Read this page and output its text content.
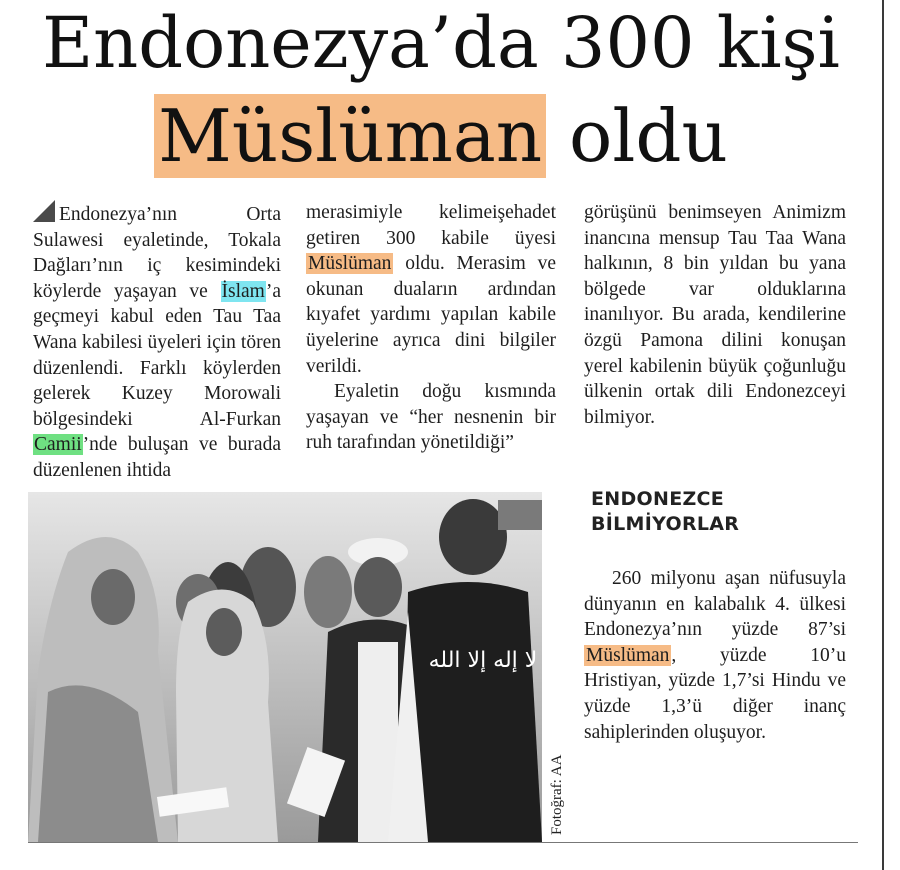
Endonezya’da 300 kişi
Müslüman oldu

Endonezya’nın Orta Sulawesi eyaletinde, Tokala Dağları’nın iç kesimindeki köylerde yaşayan ve İslam’a geçmeyi kabul eden Tau Taa Wana kabilesi üyeleri için tören düzenlendi. Farklı köylerden gelerek Kuzey Morowali bölgesindeki Al-Furkan Camii’nde buluşan ve burada düzenlenen ihtida

merasimiyle kelimeişehadet getiren 300 kabile üyesi Müslüman oldu. Merasim ve okunan duaların ardından kıyafet yardımı yapılan kabile üyelerine ayrıca dini bilgiler verildi.

Eyaletin doğu kısmında yaşayan ve “her nesnenin bir ruh tarafından yönetildiği”

görüşünü benimseyen Animizm inancına mensup Tau Taa Wana halkının, 8 bin yıldan bu yana bölgede var olduklarına inanılıyor. Bu arada, kendilerine özgü Pamona dilini konuşan yerel kabilenin büyük çoğunluğu ülkenin ortak dili Endonezceyi bilmiyor.

ENDONEZCE
BİLMİYORLAR

260 milyonu aşan nüfusuyla dünyanın en kalabalık 4. ülkesi Endonezya’nın yüzde 87’si Müslüman , yüzde 10’u Hristiyan, yüzde 1,7’si Hindu ve yüzde 1,3’ü diğer inanç sahiplerinden oluşuyor.

لا إله إلا الله
Fotoğraf: AA
